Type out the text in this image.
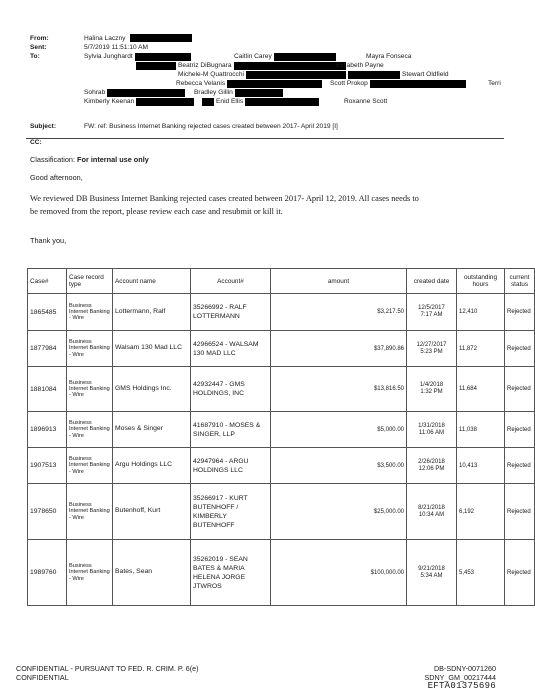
From:	Halina Laczny
Sent:	5/7/2019 11:51:10 AM
To:	Sylvia Junghardt	Caitlin Carey	Mayra Fonseca
Beatriz DiBugnara	Elizabeth Payne
Michele-M Quattrocchi	Stewart Oldfield
Rebecca Velanis	Scott Prokop	Terri
Sohrab	Bradley Gillin
Kimberly Keenan	Enid Ellis	Roxanne Scott
CC:
Subject:	FW: ref: Business Internet Banking rejected cases created between 2017- April 2019 [I]
Classification: For internal use only
Good afternoon,
We reviewed DB Business Internet Banking rejected cases created between 2017- April 12, 2019. All cases needs to
be removed from the report, please review each case and resubmit or kill it.
Thank you,
Case#	Case record type	Account name	Account#	amount	created date	outstanding hours	current status
1865485	Business Internet Banking - Wire	Lottermann, Ralf	35266992 - RALF LOTTERMANN	$3,217.50	12/5/2017
7:17 AM	12,410	Rejected
1877984	Business Internet Banking - Wire	Walsam 130 Mad LLC	42966524 - WALSAM 130 MAD LLC	$37,890.86	12/27/2017
5:23 PM	11,872	Rejected
1881084	Business Internet Banking - Wire	GMS Holdings Inc.	42932447 - GMS HOLDINGS, INC	$13,816.50	1/4/2018
1:32 PM	11,684	Rejected
1896913	Business Internet Banking - Wire	Moses & Singer	41687910 - MOSES & SINGER, LLP	$5,000.00	1/31/2018
11:06 AM	11,038	Rejected
1907513	Business Internet Banking - Wire	Argu Holdings LLC	42947964 - ARGU HOLDINGS LLC	$3,500.00	2/26/2018
12:06 PM	10,413	Rejected
1978650	Business Internet Banking - Wire	Butenhoff, Kurt	35266917 - KURT BUTENHOFF / KIMBERLY BUTENHOFF	$25,000.00	8/21/2018
10:34 AM	6,192	Rejected
1989760	Business Internet Banking - Wire	Bates, Sean	35262019 - SEAN BATES & MARIA HELENA JORGE JTWROS	$100,000.00	9/21/2018
5:34 AM	5,453	Rejected
CONFIDENTIAL - PURSUANT TO FED. R. CRIM. P. 6(e)
CONFIDENTIAL
DB-SDNY-0071260
SDNY_GM_00217444
EFTA01375696
